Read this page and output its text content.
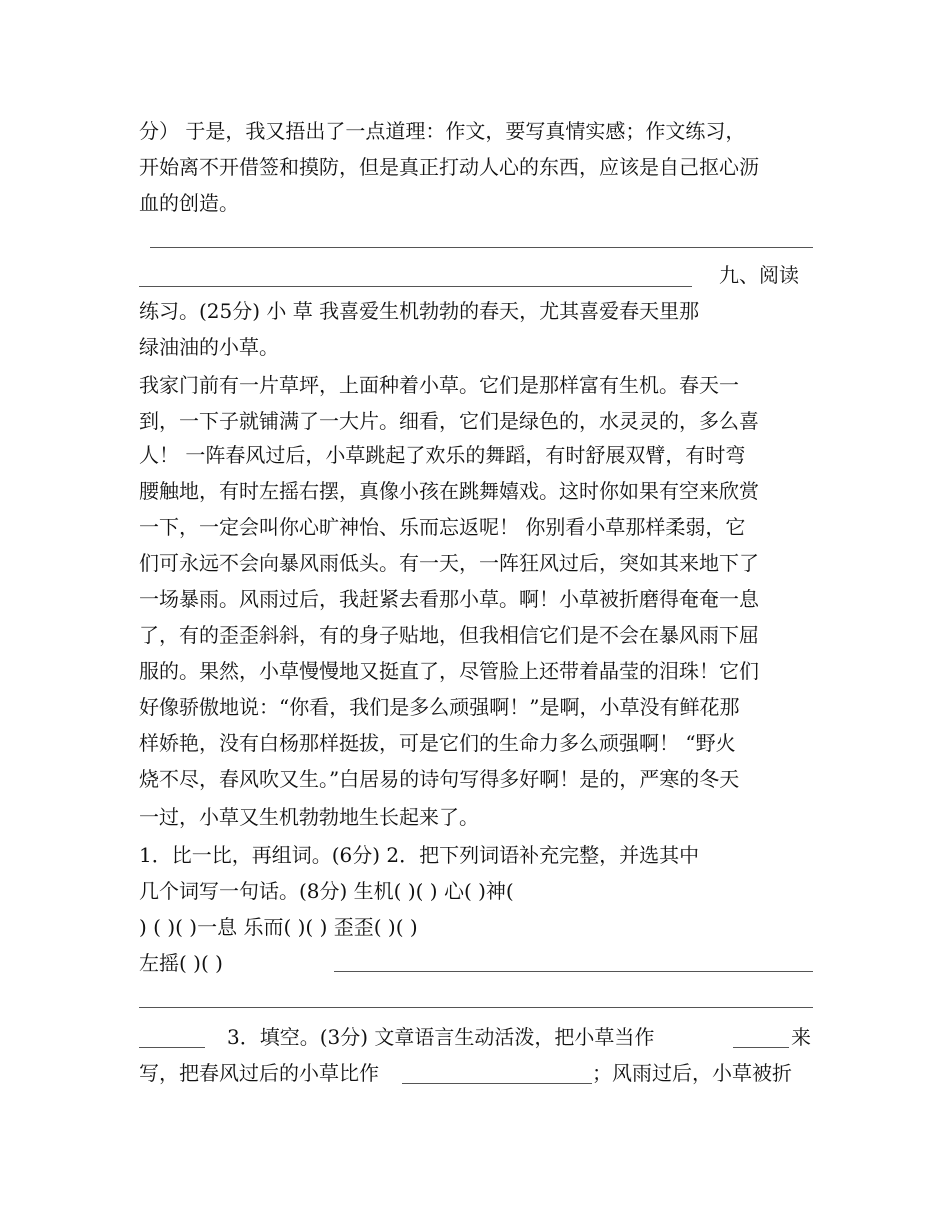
分） 于是，我又捂出了一点道理：作文，要写真情实感；作文练习，
开始离不开借签和摸防，但是真正打动人心的东西，应该是自己抠心沥
血的创造。
九、阅读
练习。(25分) 小 草 我喜爱生机勃勃的春天，尤其喜爱春天里那
绿油油的小草。
我家门前有一片草坪，上面种着小草。它们是那样富有生机。春天一
到，一下子就铺满了一大片。细看，它们是绿色的，水灵灵的，多么喜
人！ 一阵春风过后，小草跳起了欢乐的舞蹈，有时舒展双臂，有时弯
腰触地，有时左摇右摆，真像小孩在跳舞嬉戏。这时你如果有空来欣赏
一下，一定会叫你心旷神怡、乐而忘返呢！ 你别看小草那样柔弱，它
们可永远不会向暴风雨低头。有一天，一阵狂风过后，突如其来地下了
一场暴雨。风雨过后，我赶紧去看那小草。啊！小草被折磨得奄奄一息
了，有的歪歪斜斜，有的身子贴地，但我相信它们是不会在暴风雨下屈
服的。果然，小草慢慢地又挺直了，尽管脸上还带着晶莹的泪珠！它们
好像骄傲地说：“你看，我们是多么顽强啊！”是啊，小草没有鲜花那
样娇艳，没有白杨那样挺拔，可是它们的生命力多么顽强啊！ “野火
烧不尽，春风吹又生。”白居易的诗句写得多好啊！是的，严寒的冬天
一过，小草又生机勃勃地生长起来了。
1．比一比，再组词。(6分) 2．把下列词语补充完整，并选其中
几个词写一句话。(8分) 生机( )( ) 心( )神(
) ( )( )一息 乐而( )( ) 歪歪( )( )
左摇( )( )
3．填空。(3分) 文章语言生动活泼，把小草当作	来
写，把春风过后的小草比作	；风雨过后，小草被折
